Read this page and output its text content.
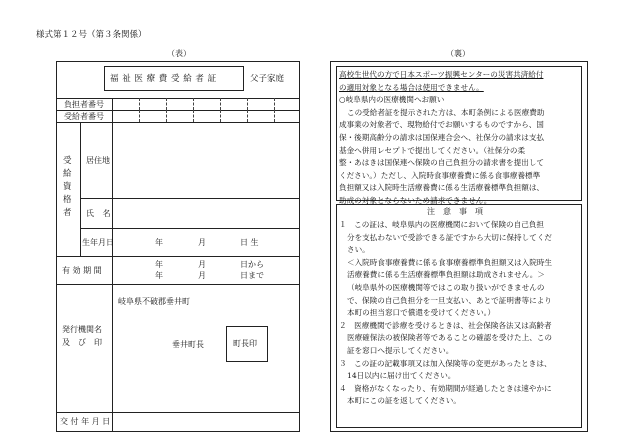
様式第１２号（第３条関係）
（表）	（裏）
福 祉 医 療 費 受 給 者 証	父子家庭
負担者番号
受給者番号
受給資格者
居住地
氏 名
生年月日	年	月	日 生
有 効 期 間
年	月	日から
年	月	日まで
発行機関名
及　び　印
岐阜県不破郡垂井町
垂井町長	町長印
交 付 年 月 日

高校生世代の方で日本スポーツ振興センターの災害共済給付

の適用対象となる場合は使用できません。

○岐阜県内の医療機関へお願い

この受給者証を提示された方は、本町条例による医療費助

成事業の対象者で、現物給付でお願いするものですから、国

保・後期高齢分の請求は国保連合会へ、社保分の請求は支払

基金へ併用レセプトで提出してください。（社保分の柔

整・あはきは国保連へ保険の自己負担分の請求書を提出して

ください。）ただし、入院時食事療養費に係る食事療養標準

負担額又は入院時生活療養費に係る生活療養標準負担額は、

助成の対象とならないため請求できません。

注　意　事　項

１　この証は、岐阜県内の医療機関において保険の自己負担

分を支払わないで受診できる証ですから大切に保持してくだ

さい。

＜入院時食事療養費に係る食事療養標準負担額又は入院時生

活療養費に係る生活療養標準負担額は助成されません。＞

（岐阜県外の医療機関等ではこの取り扱いができませんの

で、保険の自己負担分を一旦支払い、あとで証明書等により

本町の担当窓口で償還を受けてください。）

２　医療機関で診療を受けるときは、社会保険各法又は高齢者

医療確保法の被保険者等であることの確認を受けた上、この

証を窓口へ提示してください。

３　この証の記載事項又は加入保険等の変更があったときは、

14日以内に届け出てください。

４　資格がなくなったり、有効期間が経過したときは速やかに

本町にこの証を返してください。
